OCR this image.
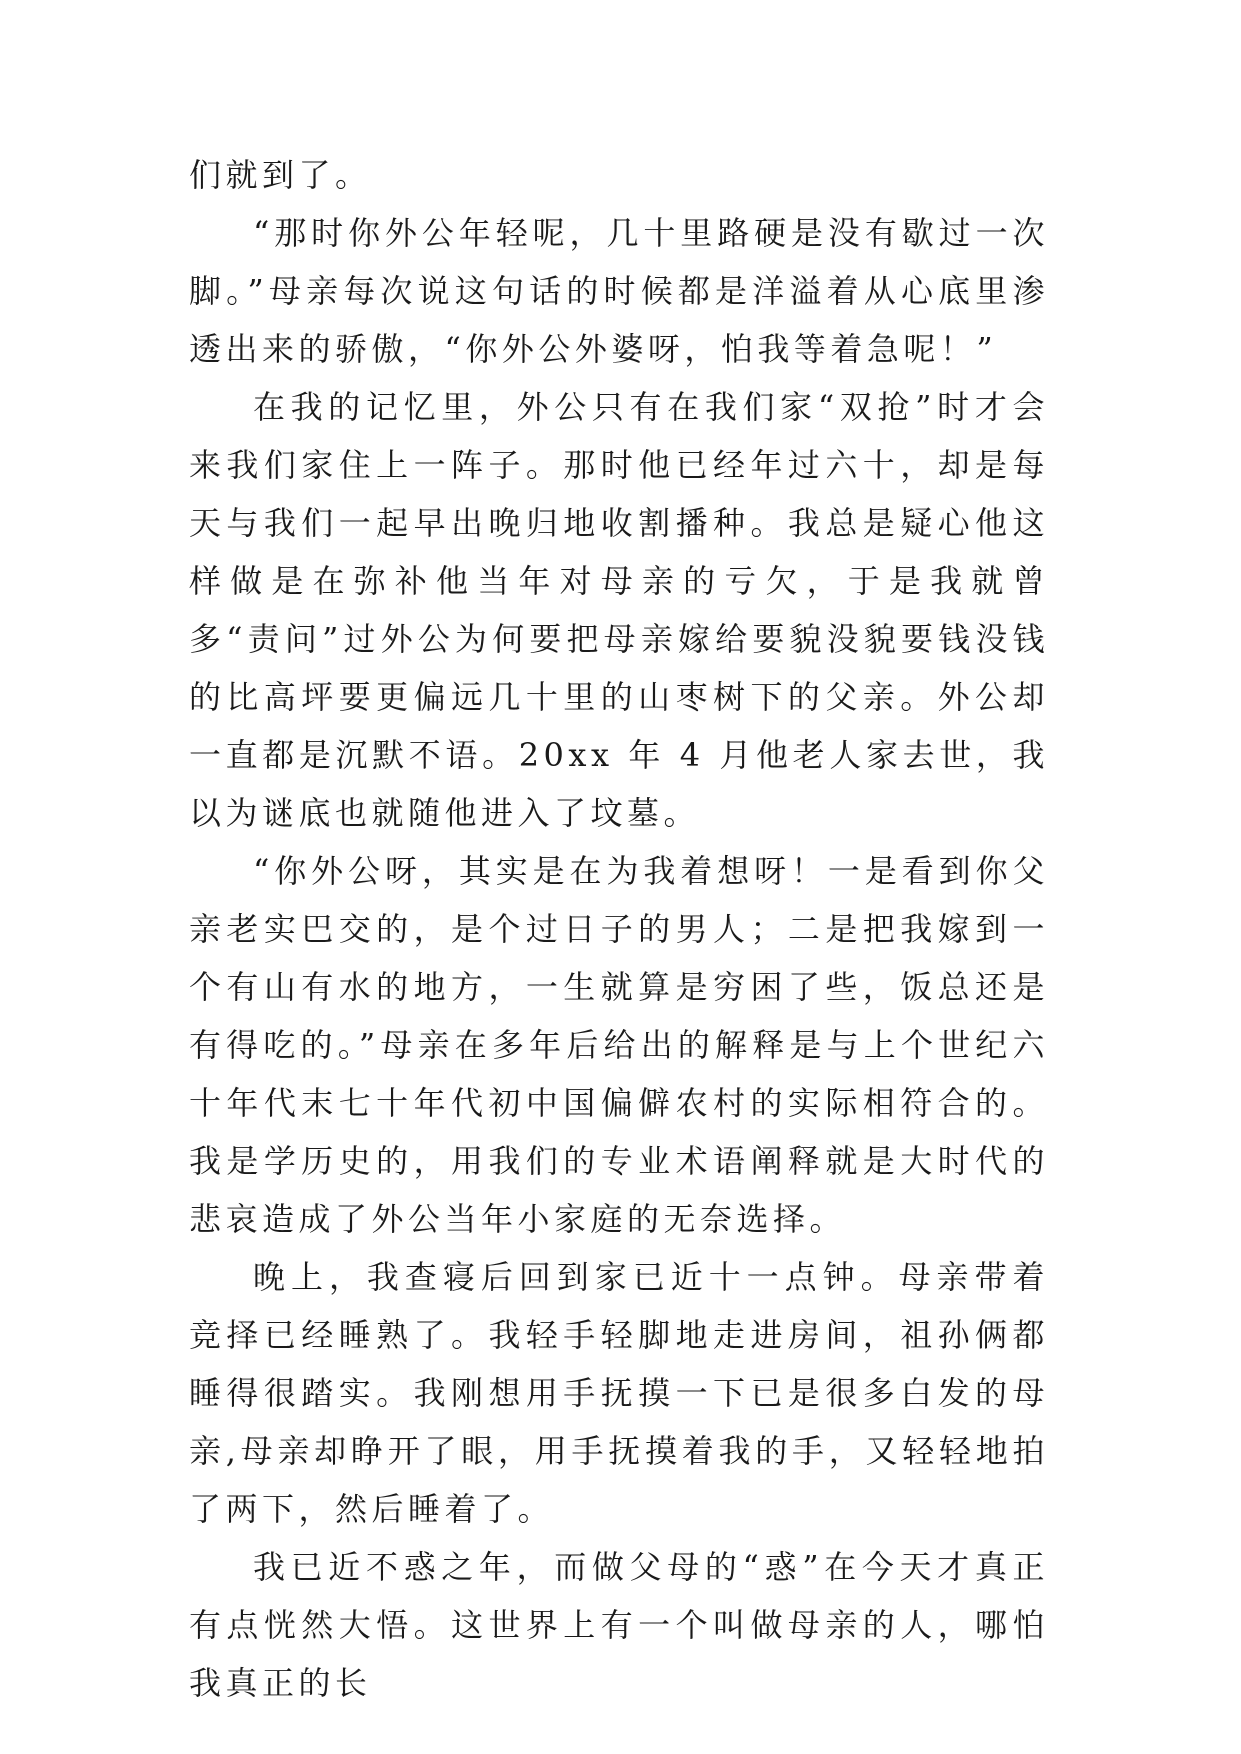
们就到了。

“那时你外公年轻呢，几十里路硬是没有歇过一次脚。”母亲每次说这句话的时候都是洋溢着从心底里渗透出来的骄傲，“你外公外婆呀，怕我等着急呢！”

在我的记忆里，外公只有在我们家“双抢”时才会来我们家住上一阵子。那时他已经年过六十，却是每天与我们一起早出晚归地收割播种。我总是疑心他这样做是在弥补他当年对母亲的亏欠，于是我就曾多“责问”过外公为何要把母亲嫁给要貌没貌要钱没钱的比高坪要更偏远几十里的山枣树下的父亲。外公却一直都是沉默不语。20xx 年 4 月他老人家去世，我以为谜底也就随他进入了坟墓。

“你外公呀，其实是在为我着想呀！一是看到你父亲老实巴交的，是个过日子的男人；二是把我嫁到一个有山有水的地方，一生就算是穷困了些，饭总还是有得吃的。”母亲在多年后给出的解释是与上个世纪六十年代末七十年代初中国偏僻农村的实际相符合的。我是学历史的，用我们的专业术语阐释就是大时代的悲哀造成了外公当年小家庭的无奈选择。

晚上，我查寝后回到家已近十一点钟。母亲带着竞择已经睡熟了。我轻手轻脚地走进房间，祖孙俩都睡得很踏实。我刚想用手抚摸一下已是很多白发的母亲,母亲却睁开了眼，用手抚摸着我的手，又轻轻地拍了两下，然后睡着了。

我已近不惑之年，而做父母的“惑”在今天才真正有点恍然大悟。这世界上有一个叫做母亲的人，哪怕我真正的长
